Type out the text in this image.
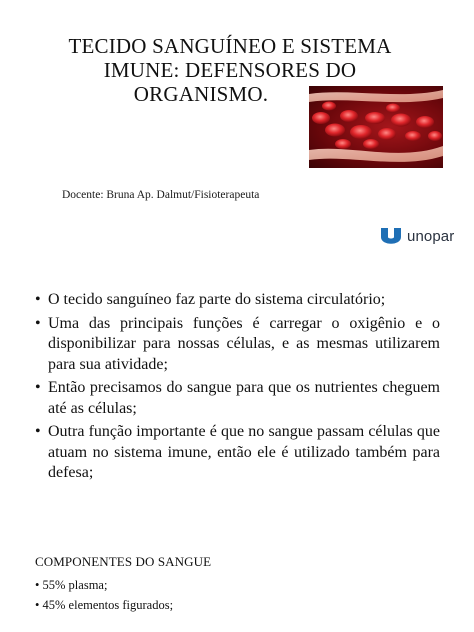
TECIDO SANGUÍNEO E SISTEMA
IMUNE: DEFENSORES DO
ORGANISMO.
Docente: Bruna Ap. Dalmut/Fisioterapeuta
unopar
• O tecido sanguíneo faz parte do sistema circulatório;
• Uma das principais funções é carregar o oxigênio e o disponibilizar para nossas células, e as mesmas utilizarem para sua atividade;
• Então precisamos do sangue para que os nutrientes cheguem até as células;
• Outra função importante é que no sangue passam células que atuam no sistema imune, então ele é utilizado também para defesa;
COMPONENTES DO SANGUE
• 55% plasma;
• 45% elementos figurados;
